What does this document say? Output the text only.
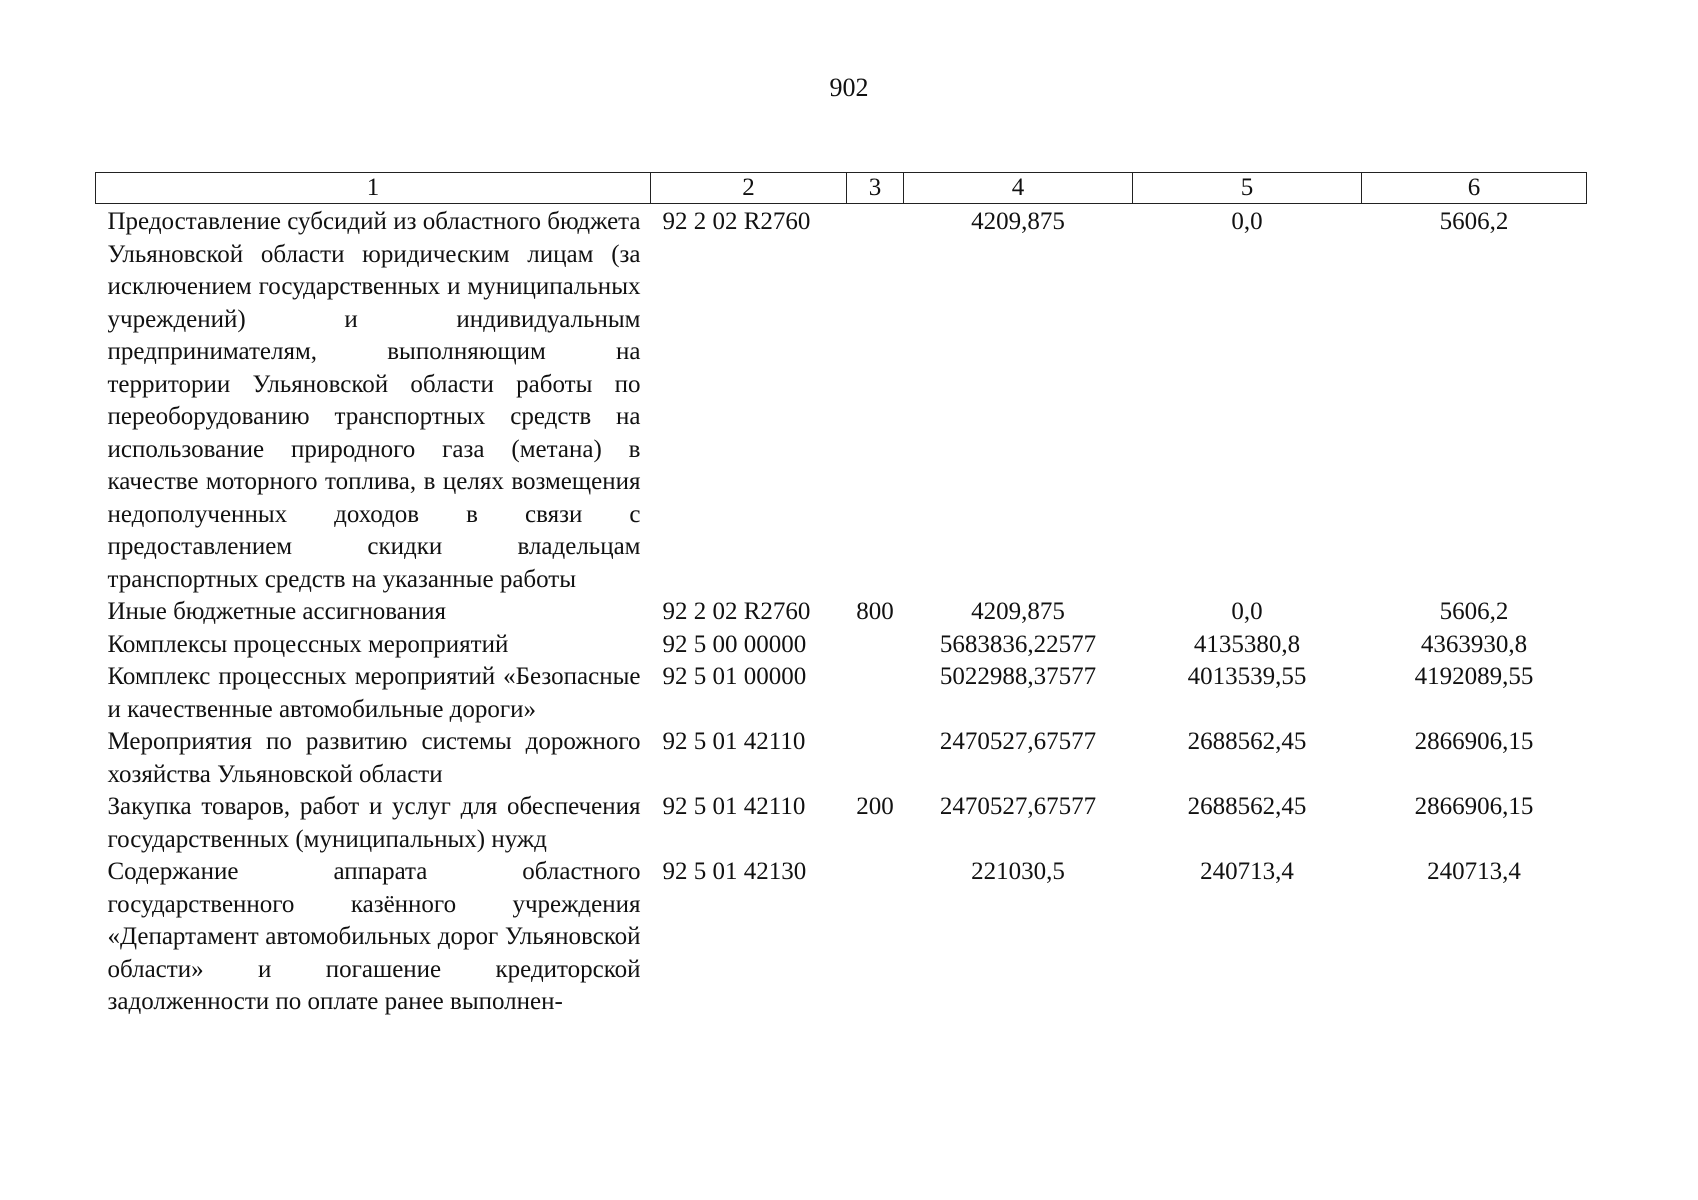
902
1	2	3	4	5	6
Предоставление субсидий из областного бюджета Ульяновской области юридическим лицам (за исключением государственных и муниципальных учреждений) и индивидуальным предпринимателям, выполняющим на территории Ульяновской области работы по переоборудованию транспортных средств на использование природного газа (метана) в качестве моторного топлива, в целях возмещения недополученных доходов в связи с предоставлением скидки владельцам транспортных средств на указанные работы	92 2 02 R2760		4209,875	0,0	5606,2
Иные бюджетные ассигнования	92 2 02 R2760	800	4209,875	0,0	5606,2
Комплексы процессных мероприятий	92 5 00 00000		5683836,22577	4135380,8	4363930,8
Комплекс процессных мероприятий «Безопасные и качественные автомобильные дороги»	92 5 01 00000		5022988,37577	4013539,55	4192089,55
Мероприятия по развитию системы дорожного хозяйства Ульяновской области	92 5 01 42110		2470527,67577	2688562,45	2866906,15
Закупка товаров, работ и услуг для обеспечения государственных (муниципальных) нужд	92 5 01 42110	200	2470527,67577	2688562,45	2866906,15
Содержание аппарата областного государственного казённого учреждения «Департамент автомобильных дорог Ульяновской области» и погашение кредиторской задолженности по оплате ранее выполнен-	92 5 01 42130		221030,5	240713,4	240713,4
